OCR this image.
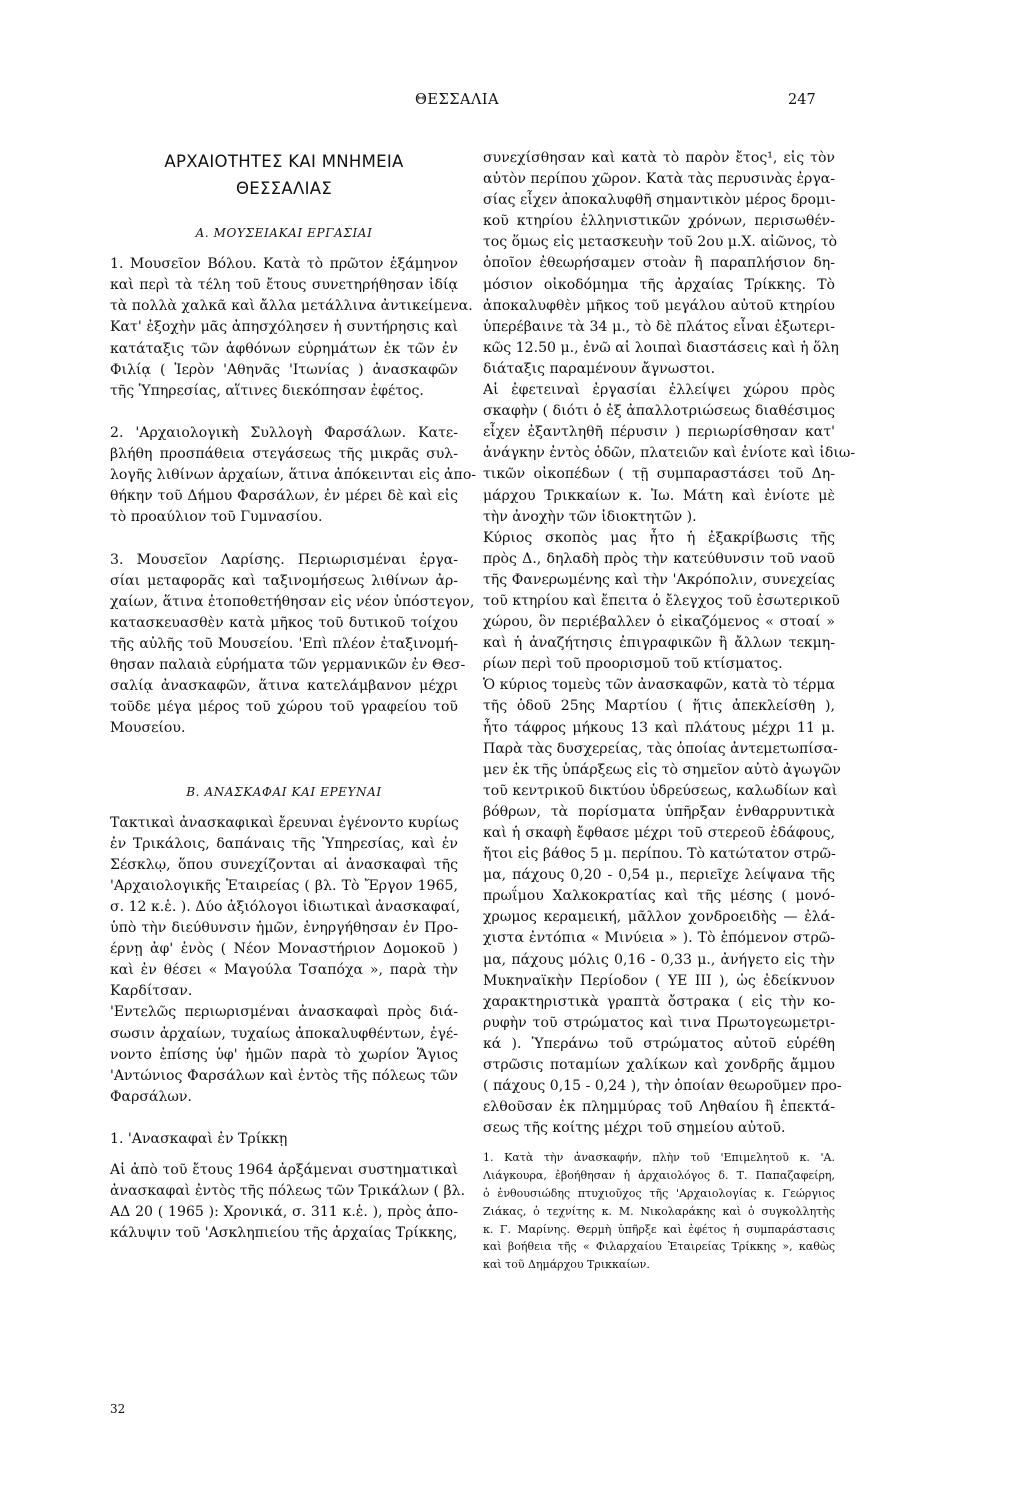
ΘΕΣΣΑΛΙΑ	247
ΑΡΧΑΙΟΤΗΤΕΣ ΚΑΙ ΜΝΗΜΕΙΑ
ΘΕΣΣΑΛΙΑΣ
Α. ΜΟΥΣΕΙΑΚΑΙ ΕΡΓΑΣΙΑΙ
1. Μουσεῖον Βόλου. Κατὰ τὸ πρῶτον ἑξάμηνον
καὶ περὶ τὰ τέλη τοῦ ἔτους συνετηρήθησαν ἰδίᾳ
τὰ πολλὰ χαλκᾶ καὶ ἄλλα μετάλλινα ἀντικείμενα.
Κατ' ἐξοχὴν μᾶς ἀπησχόλησεν ἡ συντήρησις καὶ
κατάταξις τῶν ἀφθόνων εὑρημάτων ἐκ τῶν ἐν
Φιλίᾳ ( Ἱερὸν 'Αθηνᾶς 'Ιτωνίας ) ἀνασκαφῶν
τῆς Ὑπηρεσίας, αἵτινες διεκόπησαν ἐφέτος.
2. 'Αρχαιολογικὴ Συλλογὴ Φαρσάλων. Κατε-
βλήθη προσπάθεια στεγάσεως τῆς μικρᾶς συλ-
λογῆς λιθίνων ἀρχαίων, ἅτινα ἀπόκεινται εἰς ἀπο-
θήκην τοῦ Δήμου Φαρσάλων, ἐν μέρει δὲ καὶ εἰς
τὸ προαύλιον τοῦ Γυμνασίου.
3. Μουσεῖον Λαρίσης. Περιωρισμέναι ἐργα-
σίαι μεταφορᾶς καὶ ταξινομήσεως λιθίνων ἀρ-
χαίων, ἅτινα ἐτοποθετήθησαν εἰς νέον ὑπόστεγον,
κατασκευασθὲν κατὰ μῆκος τοῦ δυτικοῦ τοίχου
τῆς αὐλῆς τοῦ Μουσείου. 'Επὶ πλέον ἐταξινομή-
θησαν παλαιὰ εὑρήματα τῶν γερμανικῶν ἐν Θεσ-
σαλίᾳ ἀνασκαφῶν, ἅτινα κατελάμβανον μέχρι
τοῦδε μέγα μέρος τοῦ χώρου τοῦ γραφείου τοῦ
Μουσείου.
Β. ΑΝΑΣΚΑΦΑΙ ΚΑΙ ΕΡΕΥΝΑΙ
Τακτικαὶ ἀνασκαφικαὶ ἔρευναι ἐγένοντο κυρίως
ἐν Τρικάλοις, δαπάναις τῆς Ὑπηρεσίας, καὶ ἐν
Σέσκλῳ, ὅπου συνεχίζονται αἱ ἀνασκαφαὶ τῆς
'Αρχαιολογικῆς Ἑταιρείας ( βλ. Τὸ Ἔργον 1965,
σ. 12 κ.ἑ. ). Δύο ἀξιόλογοι ἰδιωτικαὶ ἀνασκαφαί,
ὑπὸ τὴν διεύθυνσιν ἡμῶν, ἐνηργήθησαν ἐν Προ-
έρνῃ ἀφ' ἑνὸς ( Νέον Μοναστήριον Δομοκοῦ )
καὶ ἐν θέσει « Μαγούλα Τσαπόχα », παρὰ τὴν
Καρδίτσαν.
'Εντελῶς περιωρισμέναι ἀνασκαφαὶ πρὸς διά-
σωσιν ἀρχαίων, τυχαίως ἀποκαλυφθέντων, ἐγέ-
νοντο ἐπίσης ὑφ' ἡμῶν παρὰ τὸ χωρίον Ἅγιος
'Αντώνιος Φαρσάλων καὶ ἐντὸς τῆς πόλεως τῶν
Φαρσάλων.
1. 'Ανασκαφαὶ ἐν Τρίκκῃ
Αἱ ἀπὸ τοῦ ἔτους 1964 ἀρξάμεναι συστηματικαὶ
ἀνασκαφαὶ ἐντὸς τῆς πόλεως τῶν Τρικάλων ( βλ.
ΑΔ 20 ( 1965 ): Χρονικά, σ. 311 κ.ἑ. ), πρὸς ἀπο-
κάλυψιν τοῦ 'Ασκληπιείου τῆς ἀρχαίας Τρίκκης,
συνεχίσθησαν καὶ κατὰ τὸ παρὸν ἔτος¹, εἰς τὸν
αὐτὸν περίπου χῶρον. Κατὰ τὰς περυσινὰς ἐργα-
σίας εἶχεν ἀποκαλυφθῆ σημαντικὸν μέρος δρομι-
κοῦ κτηρίου ἑλληνιστικῶν χρόνων, περισωθέν-
τος ὅμως εἰς μετασκευὴν τοῦ 2ου μ.Χ. αἰῶνος, τὸ
ὁποῖον ἐθεωρήσαμεν στοὰν ἢ παραπλήσιον δη-
μόσιον οἰκοδόμημα τῆς ἀρχαίας Τρίκκης. Τὸ
ἀποκαλυφθὲν μῆκος τοῦ μεγάλου αὐτοῦ κτηρίου
ὑπερέβαινε τὰ 34 μ., τὸ δὲ πλάτος εἶναι ἐξωτερι-
κῶς 12.50 μ., ἐνῶ αἱ λοιπαὶ διαστάσεις καὶ ἡ ὅλη
διάταξις παραμένουν ἄγνωστοι.
Αἱ ἐφετειναὶ ἐργασίαι ἐλλείψει χώρου πρὸς
σκαφὴν ( διότι ὁ ἐξ ἀπαλλοτριώσεως διαθέσιμος
εἶχεν ἐξαντληθῆ πέρυσιν ) περιωρίσθησαν κατ'
ἀνάγκην ἐντὸς ὁδῶν, πλατειῶν καὶ ἐνίοτε καὶ ἰδιω-
τικῶν οἰκοπέδων ( τῇ συμπαραστάσει τοῦ Δη-
μάρχου Τρικκαίων κ. Ἰω. Μάτη καὶ ἐνίοτε μὲ
τὴν ἀνοχὴν τῶν ἰδιοκτητῶν ).
Κύριος σκοπὸς μας ἦτο ἡ ἐξακρίβωσις τῆς
πρὸς Δ., δηλαδὴ πρὸς τὴν κατεύθυνσιν τοῦ ναοῦ
τῆς Φανερωμένης καὶ τὴν 'Ακρόπολιν, συνεχείας
τοῦ κτηρίου καὶ ἔπειτα ὁ ἔλεγχος τοῦ ἐσωτερικοῦ
χώρου, ὃν περιέβαλλεν ὁ εἰκαζόμενος « στοαί »
καὶ ἡ ἀναζήτησις ἐπιγραφικῶν ἢ ἄλλων τεκμη-
ρίων περὶ τοῦ προορισμοῦ τοῦ κτίσματος.
Ὁ κύριος τομεὺς τῶν ἀνασκαφῶν, κατὰ τὸ τέρμα
τῆς ὁδοῦ 25ης Μαρτίου ( ἥτις ἀπεκλείσθη ),
ἦτο τάφρος μήκους 13 καὶ πλάτους μέχρι 11 μ.
Παρὰ τὰς δυσχερείας, τὰς ὁποίας ἀντεμετωπίσα-
μεν ἐκ τῆς ὑπάρξεως εἰς τὸ σημεῖον αὐτὸ ἀγωγῶν
τοῦ κεντρικοῦ δικτύου ὑδρεύσεως, καλωδίων καὶ
βόθρων, τὰ πορίσματα ὑπῆρξαν ἐνθαρρυντικὰ
καὶ ἡ σκαφὴ ἔφθασε μέχρι τοῦ στερεοῦ ἐδάφους,
ἤτοι εἰς βάθος 5 μ. περίπου. Τὸ κατώτατον στρῶ-
μα, πάχους 0,20 - 0,54 μ., περιεῖχε λείψανα τῆς
πρωΐμου Χαλκοκρατίας καὶ τῆς μέσης ( μονό-
χρωμος κεραμεική, μᾶλλον χονδροειδὴς — ἐλά-
χιστα ἐντόπια « Μινύεια » ). Τὸ ἑπόμενον στρῶ-
μα, πάχους μόλις 0,16 - 0,33 μ., ἀνήγετο εἰς τὴν
Μυκηναϊκὴν Περίοδον ( ΥΕ ΙΙΙ ), ὡς ἐδείκνυον
χαρακτηριστικὰ γραπτὰ ὄστρακα ( εἰς τὴν κο-
ρυφὴν τοῦ στρώματος καὶ τινα Πρωτογεωμετρι-
κά ). Ὑπεράνω τοῦ στρώματος αὐτοῦ εὑρέθη
στρῶσις ποταμίων χαλίκων καὶ χονδρῆς ἄμμου
( πάχους 0,15 - 0,24 ), τὴν ὁποίαν θεωροῦμεν προ-
ελθοῦσαν ἐκ πλημμύρας τοῦ Ληθαίου ἢ ἐπεκτά-
σεως τῆς κοίτης μέχρι τοῦ σημείου αὐτοῦ.
1. Κατὰ τὴν ἀνασκαφήν, πλὴν τοῦ 'Επιμελητοῦ κ. 'Α.
Λιάγκουρα, ἐβοήθησαν ἡ ἀρχαιολόγος δ. Τ. Παπαζαφείρη,
ὁ ἐνθουσιώδης πτυχιοῦχος τῆς 'Αρχαιολογίας κ. Γεώργιος
Ζιάκας, ὁ τεχνίτης κ. Μ. Νικολαράκης καὶ ὁ συγκολλητὴς
κ. Γ. Μαρίνης. Θερμὴ ὑπῆρξε καὶ ἐφέτος ἡ συμπαράστασις
καὶ βοήθεια τῆς « Φιλαρχαίου Ἑταιρείας Τρίκκης », καθὼς
καὶ τοῦ Δημάρχου Τρικκαίων.
32
